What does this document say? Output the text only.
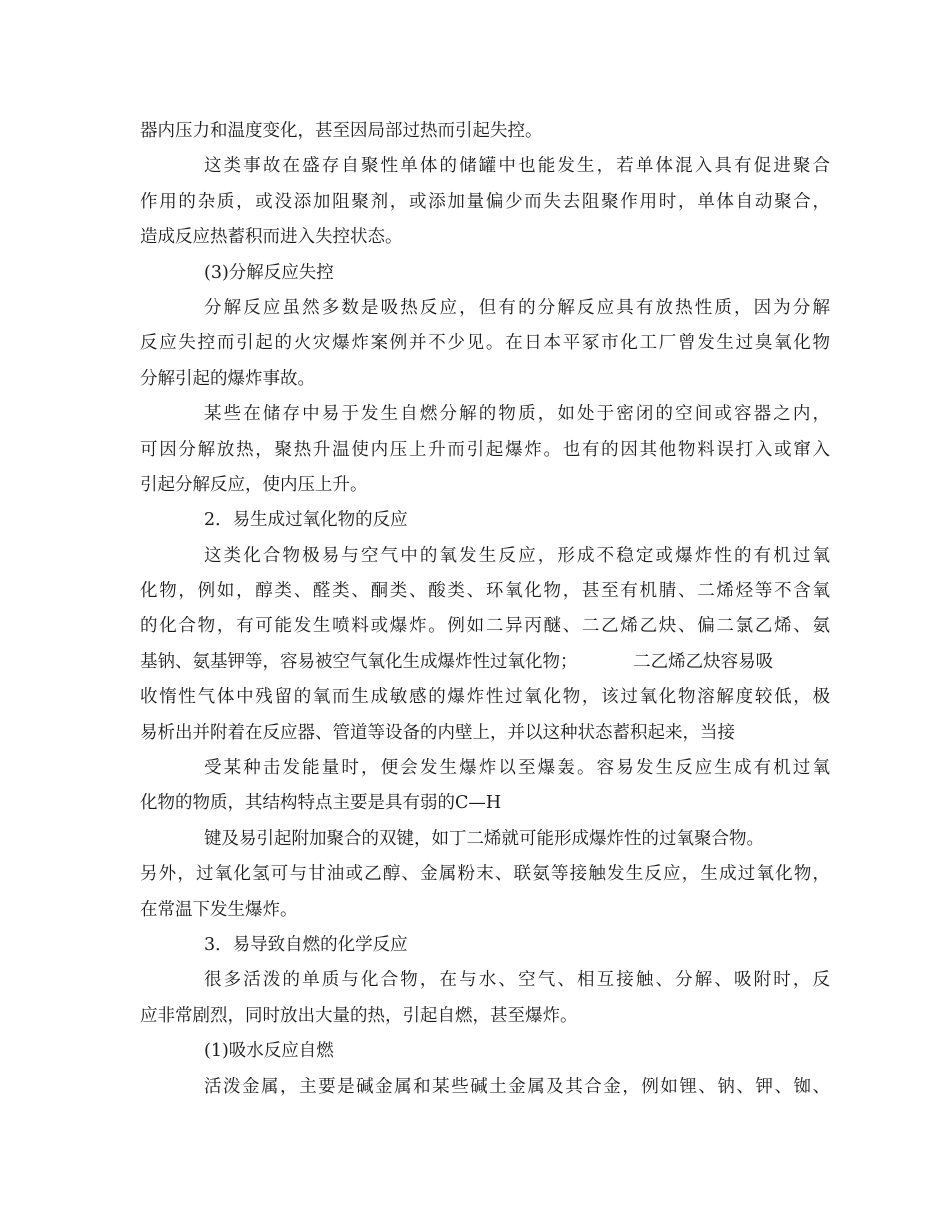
器内压力和温度变化，甚至因局部过热而引起失控。
这类事故在盛存自聚性单体的储罐中也能发生，若单体混入具有促进聚合
作用的杂质，或没添加阻聚剂，或添加量偏少而失去阻聚作用时，单体自动聚合，
造成反应热蓄积而进入失控状态。
(3)分解反应失控
分解反应虽然多数是吸热反应，但有的分解反应具有放热性质，因为分解
反应失控而引起的火灾爆炸案例并不少见。在日本平冢市化工厂曾发生过臭氧化物
分解引起的爆炸事故。
某些在储存中易于发生自燃分解的物质，如处于密闭的空间或容器之内，
可因分解放热，聚热升温使内压上升而引起爆炸。也有的因其他物料误打入或窜入
引起分解反应，使内压上升。
2．易生成过氧化物的反应
这类化合物极易与空气中的氧发生反应，形成不稳定或爆炸性的有机过氧
化物，例如，醇类、醛类、酮类、酸类、环氧化物，甚至有机腈、二烯烃等不含氧
的化合物，有可能发生喷料或爆炸。例如二异丙醚、二乙烯乙炔、偏二氯乙烯、氨
基钠、氨基钾等，容易被空气氧化生成爆炸性过氧化物；          二乙烯乙炔容易吸
收惰性气体中残留的氧而生成敏感的爆炸性过氧化物，该过氧化物溶解度较低，极
易析出并附着在反应器、管道等设备的内壁上，并以这种状态蓄积起来，当接
受某种击发能量时，便会发生爆炸以至爆轰。容易发生反应生成有机过氧
化物的物质，其结构特点主要是具有弱的C—H
键及易引起附加聚合的双键，如丁二烯就可能形成爆炸性的过氧聚合物。
另外，过氧化氢可与甘油或乙醇、金属粉末、联氨等接触发生反应，生成过氧化物，
在常温下发生爆炸。
3．易导致自燃的化学反应
很多活泼的单质与化合物，在与水、空气、相互接触、分解、吸附时，反
应非常剧烈，同时放出大量的热，引起自燃，甚至爆炸。
(1)吸水反应自燃
活泼金属，主要是碱金属和某些碱土金属及其合金，例如锂、钠、钾、铷、
